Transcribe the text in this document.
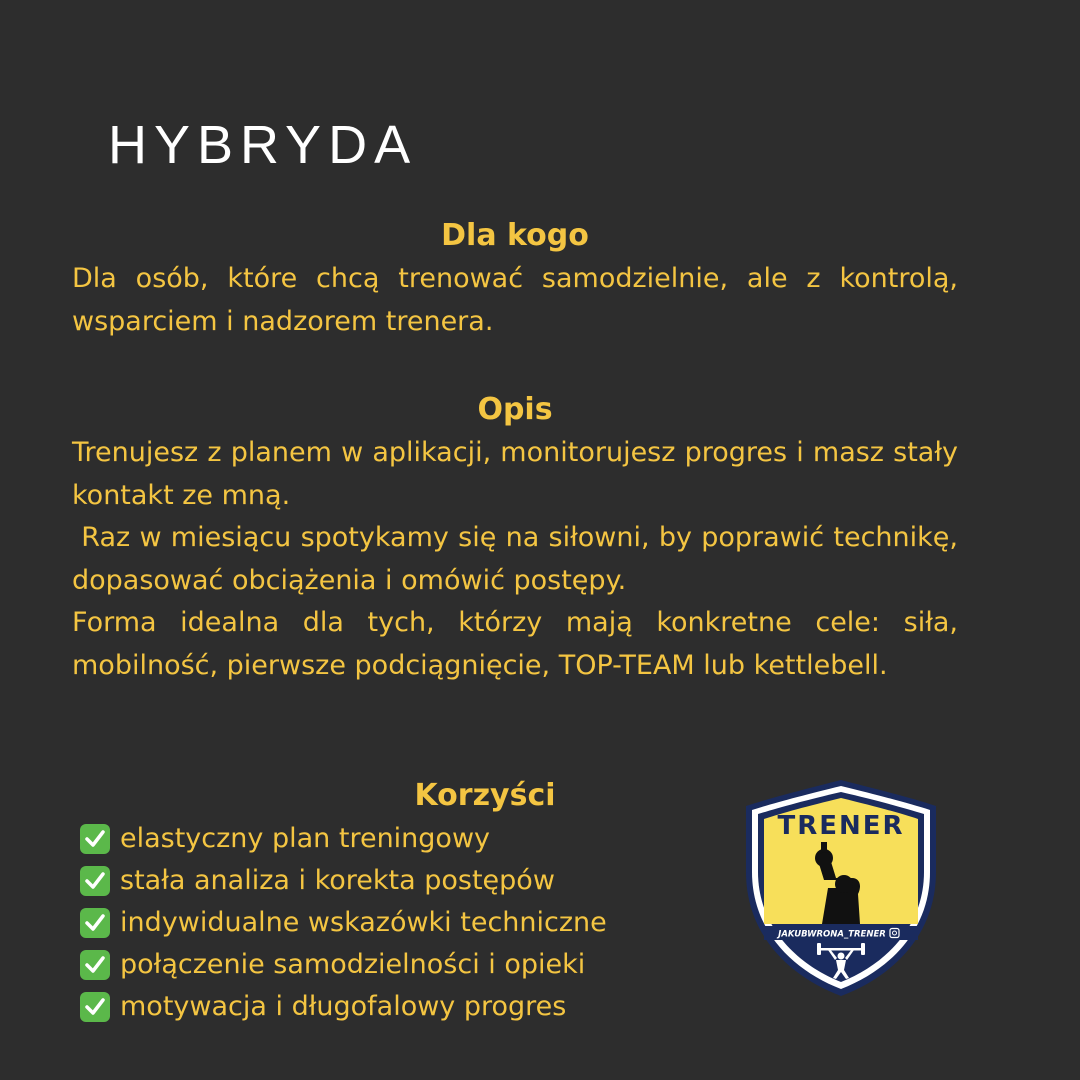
HYBRYDA
Dla kogo

Dla osób, które chcą trenować samodzielnie, ale z kontrolą, wsparciem i nadzorem trenera.

Opis

Trenujesz z planem w aplikacji, monitorujesz progres i masz stały kontakt ze mną.

Raz w miesiącu spotykamy się na siłowni, by poprawić technikę, dopasować obciążenia i omówić postępy.

Forma idealna dla tych, którzy mają konkretne cele: siła, mobilność, pierwsze podciągnięcie, TOP-TEAM lub kettlebell.

Korzyści
elastyczny plan treningowy
stała analiza i korekta postępów
indywidualne wskazówki techniczne
połączenie samodzielności i opieki
motywacja i długofalowy progres
TRENER
JAKUBWRONA_TRENER
